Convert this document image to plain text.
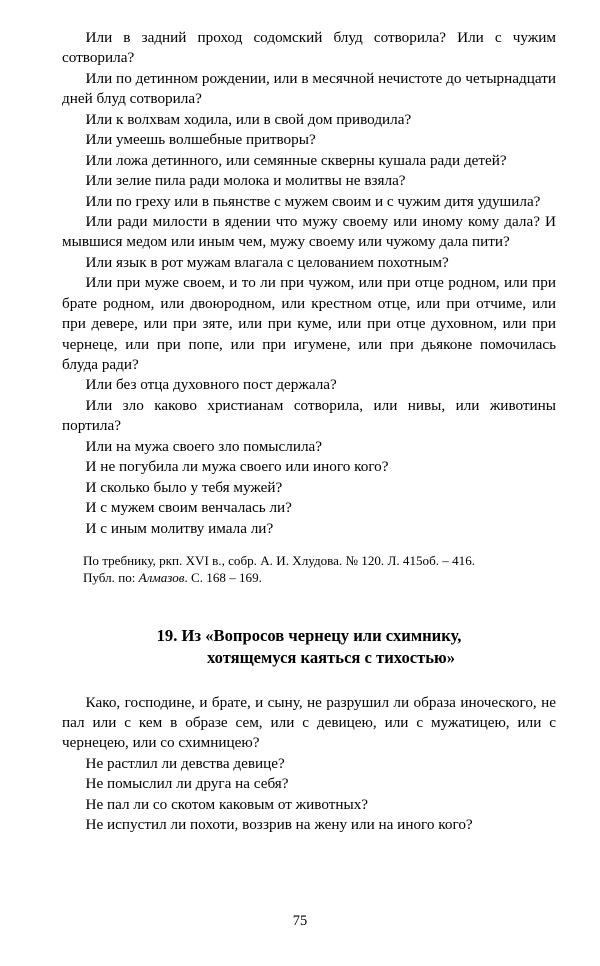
Или в задний проход содомский блуд сотворила? Или с чужим сотворила?

Или по детинном рождении, или в месячной нечистоте до четырнадцати дней блуд сотворила?

Или к волхвам ходила, или в свой дом приводила?

Или умеешь волшебные притворы?

Или ложа детинного, или семянные скверны кушала ради детей?

Или зелие пила ради молока и молитвы не взяла?

Или по греху или в пьянстве с мужем своим и с чужим дитя удушила?

Или ради милости в ядении что мужу своему или иному кому дала? И мывшися медом или иным чем, мужу своему или чужому дала пити?

Или язык в рот мужам влагала с целованием похотным?

Или при муже своем, и то ли при чужом, или при отце родном, или при брате родном, или двоюродном, или крестном отце, или при отчиме, или при девере, или при зяте, или при куме, или при отце духовном, или при чернеце, или при попе, или при игумене, или при дьяконе помочилась блуда ради?

Или без отца духовного пост держала?

Или зло каково христианам сотворила, или нивы, или животины портила?

Или на мужа своего зло помыслила?

И не погубила ли мужа своего или иного кого?

И сколько было у тебя мужей?

И с мужем своим венчалась ли?

И с иным молитву имала ли?

По требнику, ркп. XVI в., собр. А. И. Хлудова. № 120. Л. 415об. – 416.

Публ. по: Алмазов. С. 168 – 169.

19. Из «Вопросов чернецу или схимнику,
хотящемуся каяться с тихостью»

Како, господине, и брате, и сыну, не разрушил ли образа иноческого, не пал или с кем в образе сем, или с девицею, или с мужатицею, или с чернецею, или со схимницею?

Не растлил ли девства девице?

Не помыслил ли друга на себя?

Не пал ли со скотом каковым от животных?

Не испустил ли похоти, воззрив на жену или на иного кого?

75
